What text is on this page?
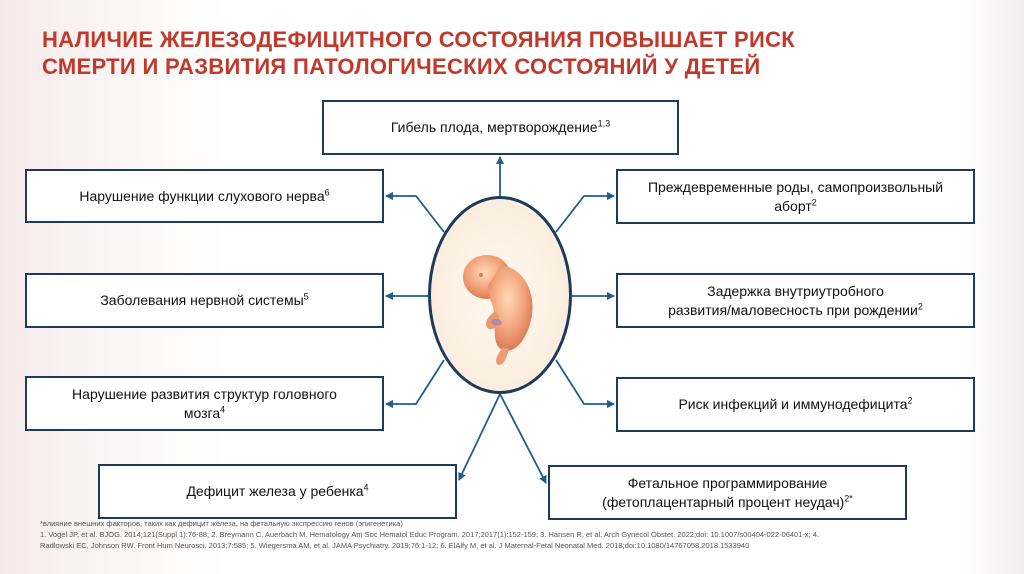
НАЛИЧИЕ ЖЕЛЕЗОДЕФИЦИТНОГО СОСТОЯНИЯ ПОВЫШАЕТ РИСК
СМЕРТИ И РАЗВИТИЯ ПАТОЛОГИЧЕСКИХ СОСТОЯНИЙ У ДЕТЕЙ
Гибель плода, мертворождение$^{1,3}$
Нарушение функции слухового нерва$^6$
Заболевания нервной системы$^5$
Нарушение развития структур головного
мозга$^4$
Дефицит железа у ребенка$^4$
Преждевременные роды, самопроизвольный
аборт$^2$
Задержка внутриутробного
развития/маловесность при рождении$^2$
Риск инфекций и иммунодефицита$^2$
Фетальное программирование
(фетоплацентарный процент неудач)$^{2*}$
*влияние внешних факторов, таких как дефицит железа, на фетальную экспрессию генов (эпигенетика)
1. Vogel JP, et al. BJOG. 2014;121(Suppl 1):76-88; 2. Breymann C, Auerbach M. Hematology Am Soc Hematol Educ Program. 2017;2017(1):152-159; 3. Hansen R, et al. Arch Gynecol Obstet. 2022;doi: 10.1007/s00404-022-06401-x; 4.
Radlowski EC, Johnson RW. Front Hum Neurosci. 2013;7:585; 5. Wiegersma AM, et al. JAMA Psychiatry. 2019;76:1-12; 6. ElAlfy M, et al. J Maternal-Fetal Neonatal Med. 2018;doi:10.1080/14767058.2018.1533940
